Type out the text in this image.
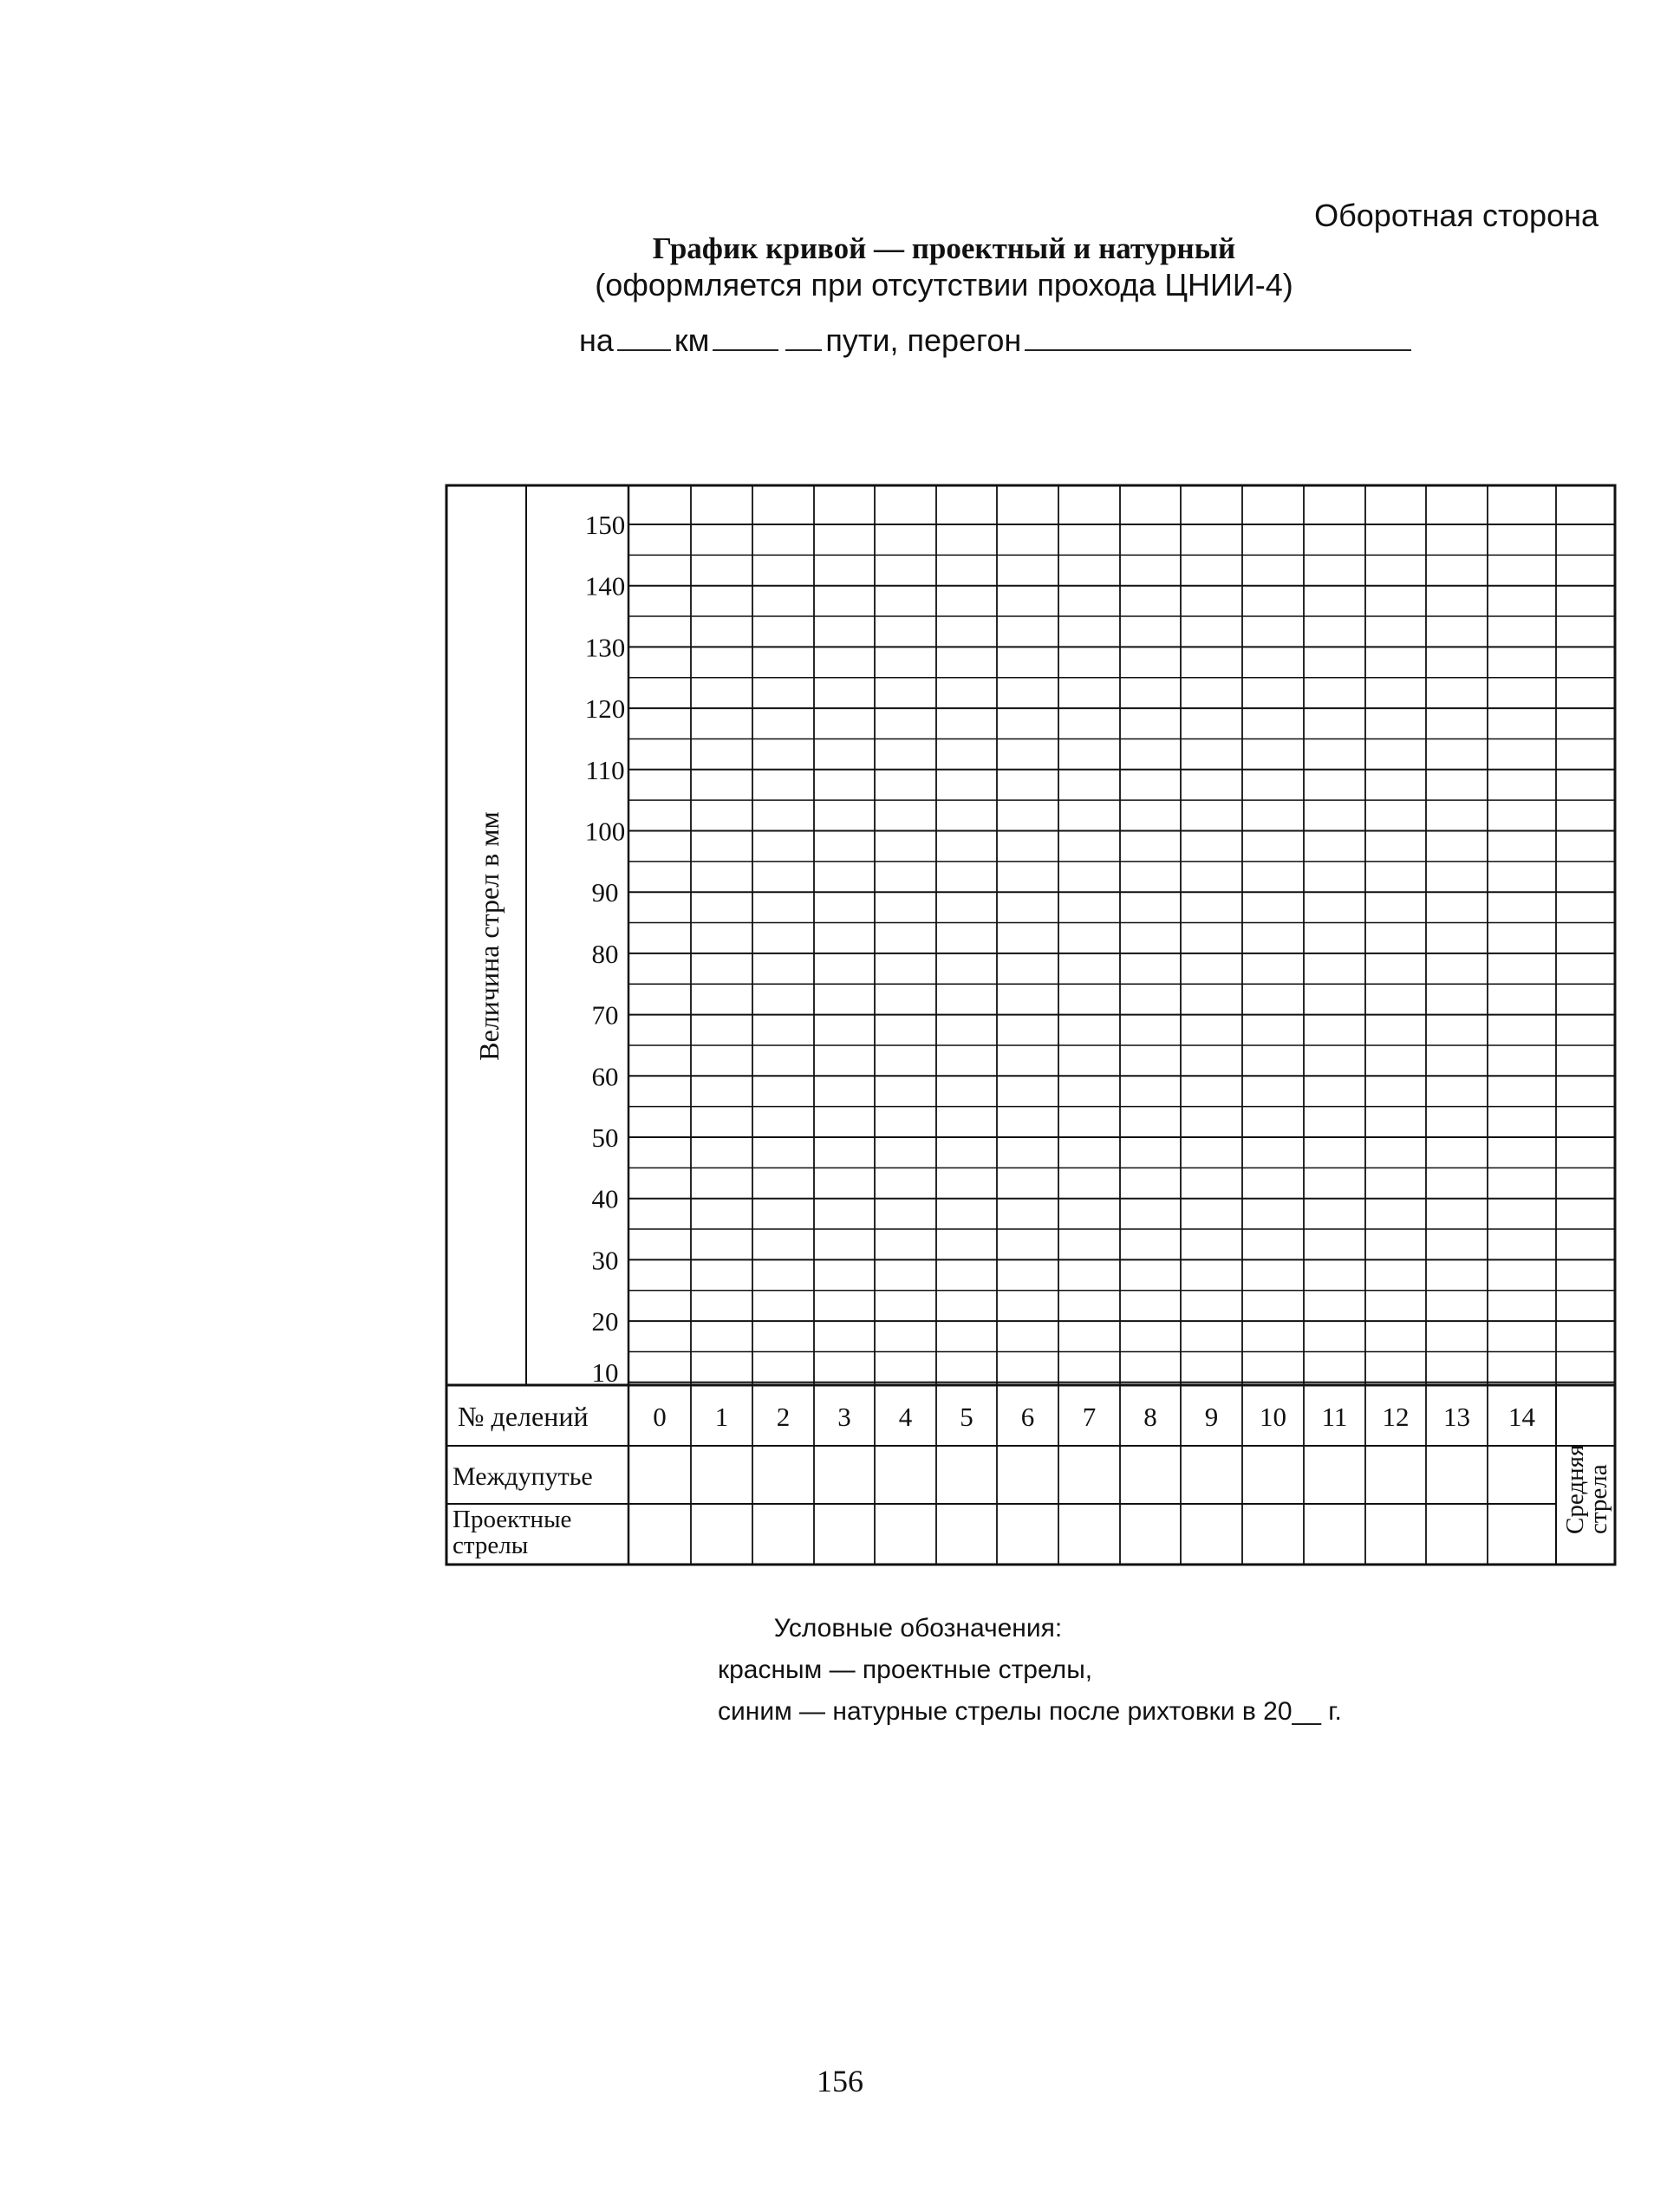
Оборотная сторона
График кривой — проектный и натурный
(оформляется при отсутствии прохода ЦНИИ-4)
на км	пути, перегон
150
140
130
120
110
100
90
80
70
60
50
40
30
20
10
0 1 2 3 4 5 6 7 8 9 10 11 12 13 14
Величина стрел в мм
№ делений
Междупутье
Проектные
стрелы
Средняя
стрела
Условные обозначения:
красным — проектные стрелы,
синим — натурные стрелы после рихтовки в 20__ г.
156
